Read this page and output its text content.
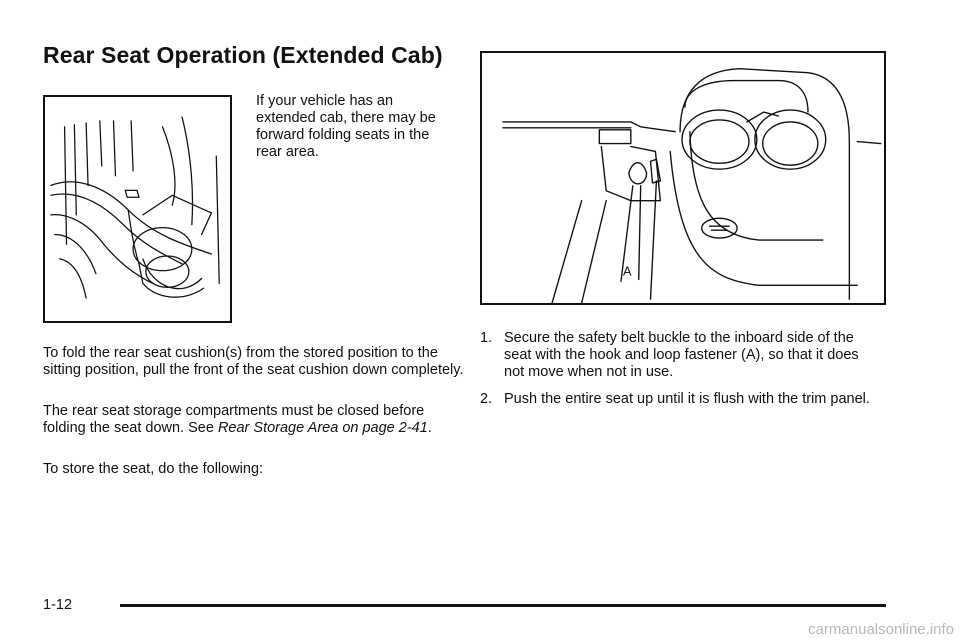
Rear Seat Operation (Extended Cab)

If your vehicle has an extended cab, there may be forward folding seats in the rear area.

To fold the rear seat cushion(s) from the stored position to the sitting position, pull the front of the seat cushion down completely.

The rear seat storage compartments must be closed before folding the seat down. See Rear Storage Area on page 2-41.

To store the seat, do the following:

A
1. Secure the safety belt buckle to the inboard side of the seat with the hook and loop fastener (A), so that it does not move when not in use.
2. Push the entire seat up until it is flush with the trim panel.
1-12
carmanualsonline.info
